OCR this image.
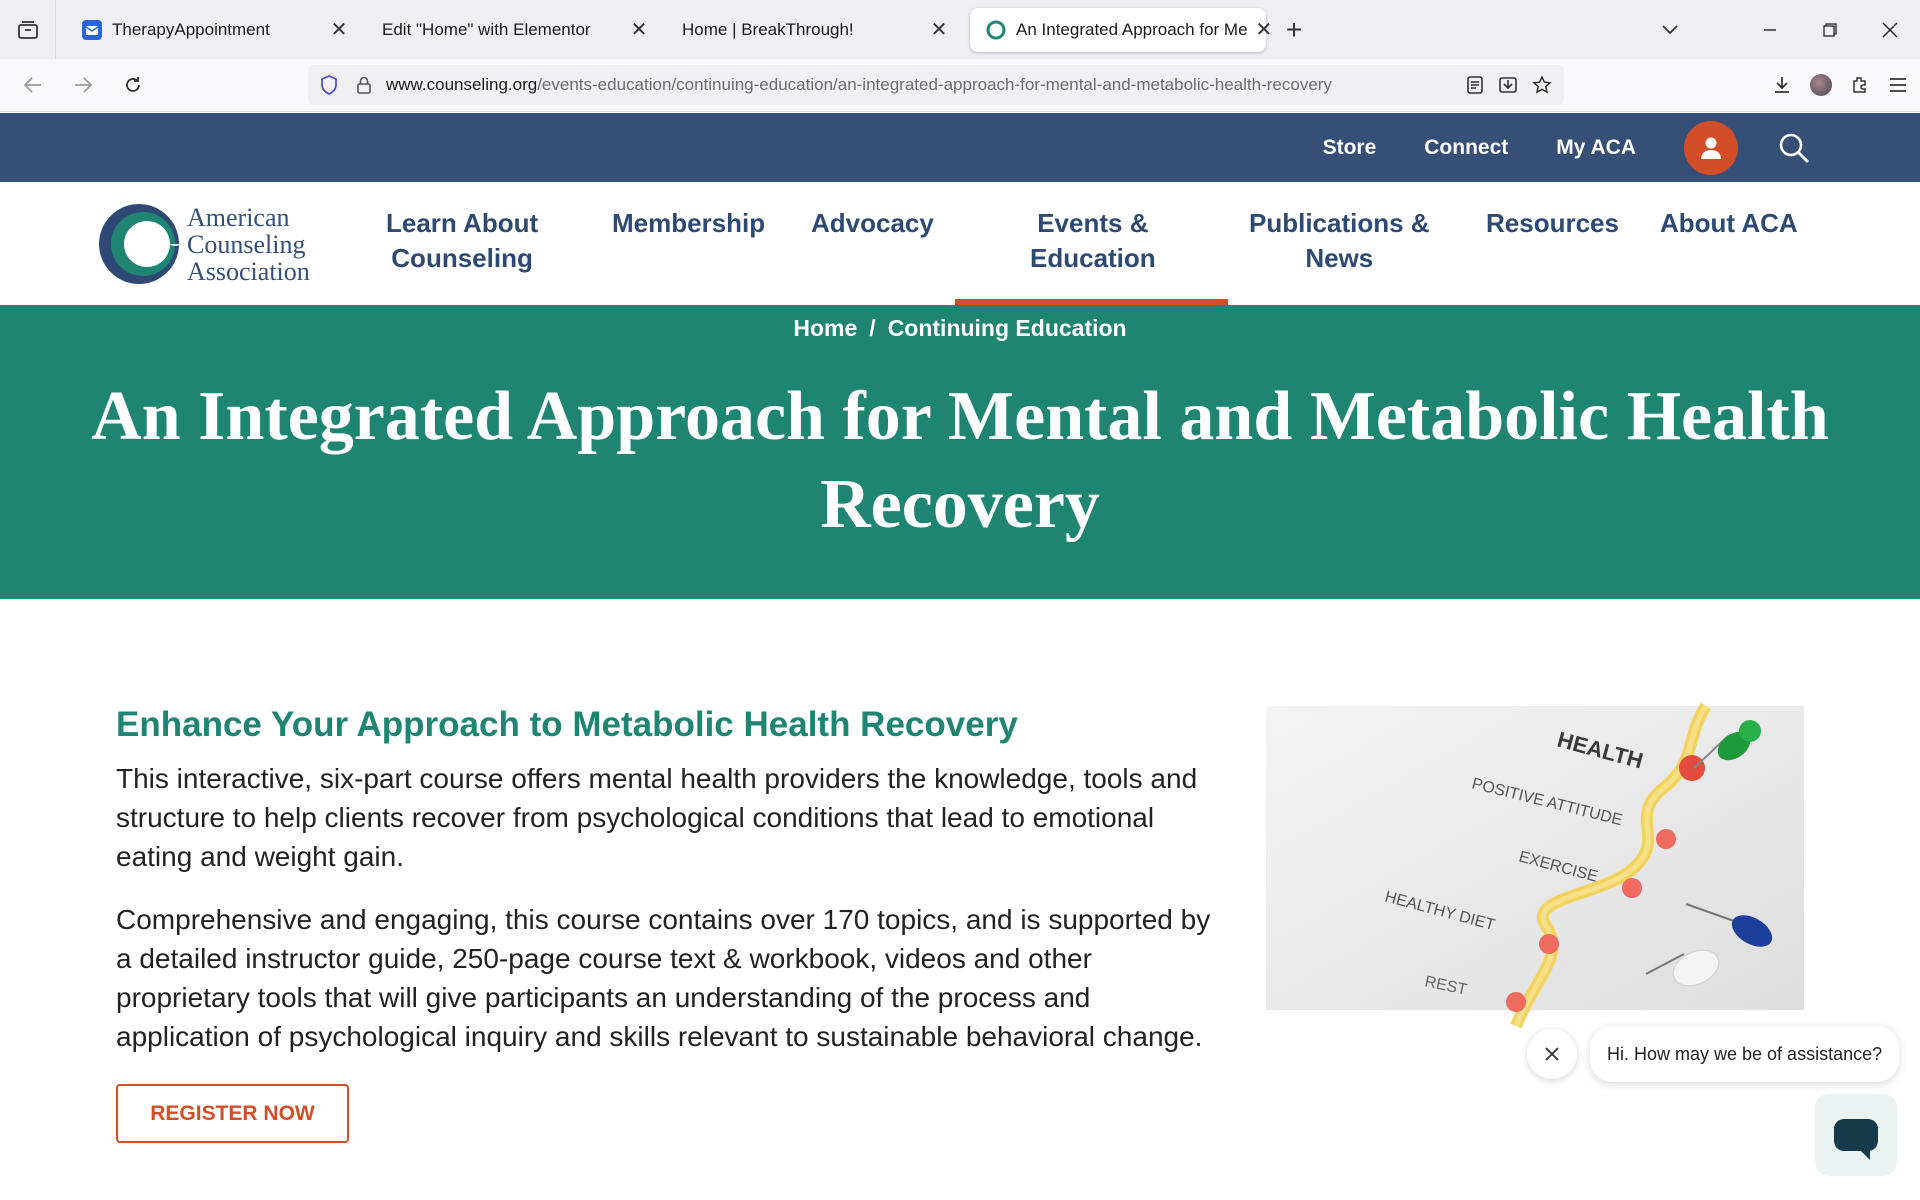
TherapyAppointment	✕ Edit "Home" with Elementor	✕ Home | BreakThrough!	✕	An Integrated Approach for Me ✕ +
www.counseling.org/events-education/continuing-education/an-integrated-approach-for-mental-and-metabolic-health-recovery
Store Connect My ACA
American
Counseling
Association
Learn About
Counseling
Membership Advocacy	Events &
Education
Publications &
News
Resources About ACA
Home / Continuing Education
An Integrated Approach for Mental and Metabolic Health Recovery
Enhance Your Approach to Metabolic Health Recovery

This interactive, six-part course offers mental health providers the knowledge, tools and structure to help clients recover from psychological conditions that lead to emotional eating and weight gain.

Comprehensive and engaging, this course contains over 170 topics, and is supported by a detailed instructor guide, 250-page course text & workbook, videos and other proprietary tools that will give participants an understanding of the process and application of psychological inquiry and skills relevant to sustainable behavioral change.

REGISTER NOW
HEALTH
POSITIVE ATTITUDE
EXERCISE
HEALTHY DIET
REST
Hi. How may we be of assistance?
